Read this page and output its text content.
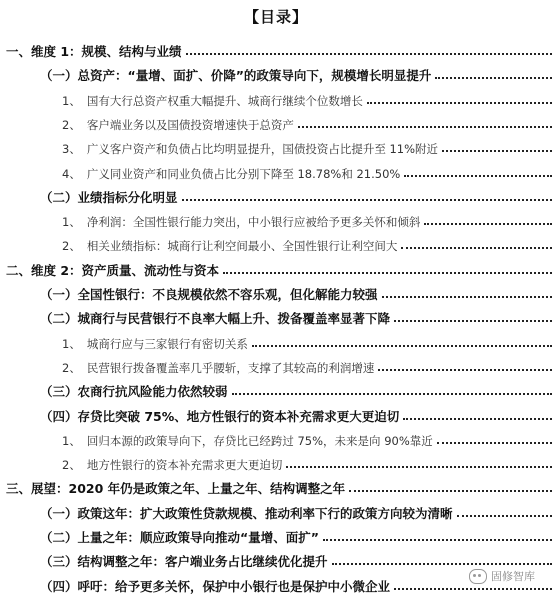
【目录】
一、维度 1：规模、结构与业绩
（一）总资产：“量增、面扩、价降”的政策导向下，规模增长明显提升
1、 国有大行总资产权重大幅提升、城商行继续个位数增长
2、 客户端业务以及国债投资增速快于总资产
3、 广义客户资产和负债占比均明显提升，国债投资占比提升至 11%附近
4、 广义同业资产和同业负债占比分别下降至 18.78%和 21.50%
（二）业绩指标分化明显
1、 净利润：全国性银行能力突出，中小银行应被给予更多关怀和倾斜
2、 相关业绩指标：城商行让利空间最小、全国性银行让利空间大
二、维度 2：资产质量、流动性与资本
（一）全国性银行：不良规模依然不容乐观，但化解能力较强
（二）城商行与民营银行不良率大幅上升、拨备覆盖率显著下降
1、 城商行应与三家银行有密切关系
2、 民营银行拨备覆盖率几乎腰斩，支撑了其较高的利润增速
（三）农商行抗风险能力依然较弱
（四）存贷比突破 75%、地方性银行的资本补充需求更大更迫切
1、 回归本源的政策导向下，存贷比已经跨过 75%，未来是向 90%靠近
2、 地方性银行的资本补充需求更大更迫切
三、展望：2020 年仍是政策之年、上量之年、结构调整之年
（一）政策这年：扩大政策性贷款规模、推动利率下行的政策方向较为清晰
（二）上量之年：顺应政策导向推动“量增、面扩”
（三）结构调整之年：客户端业务占比继续优化提升
（四）呼吁：给予更多关怀，保护中小银行也是保护中小微企业
固修智库
